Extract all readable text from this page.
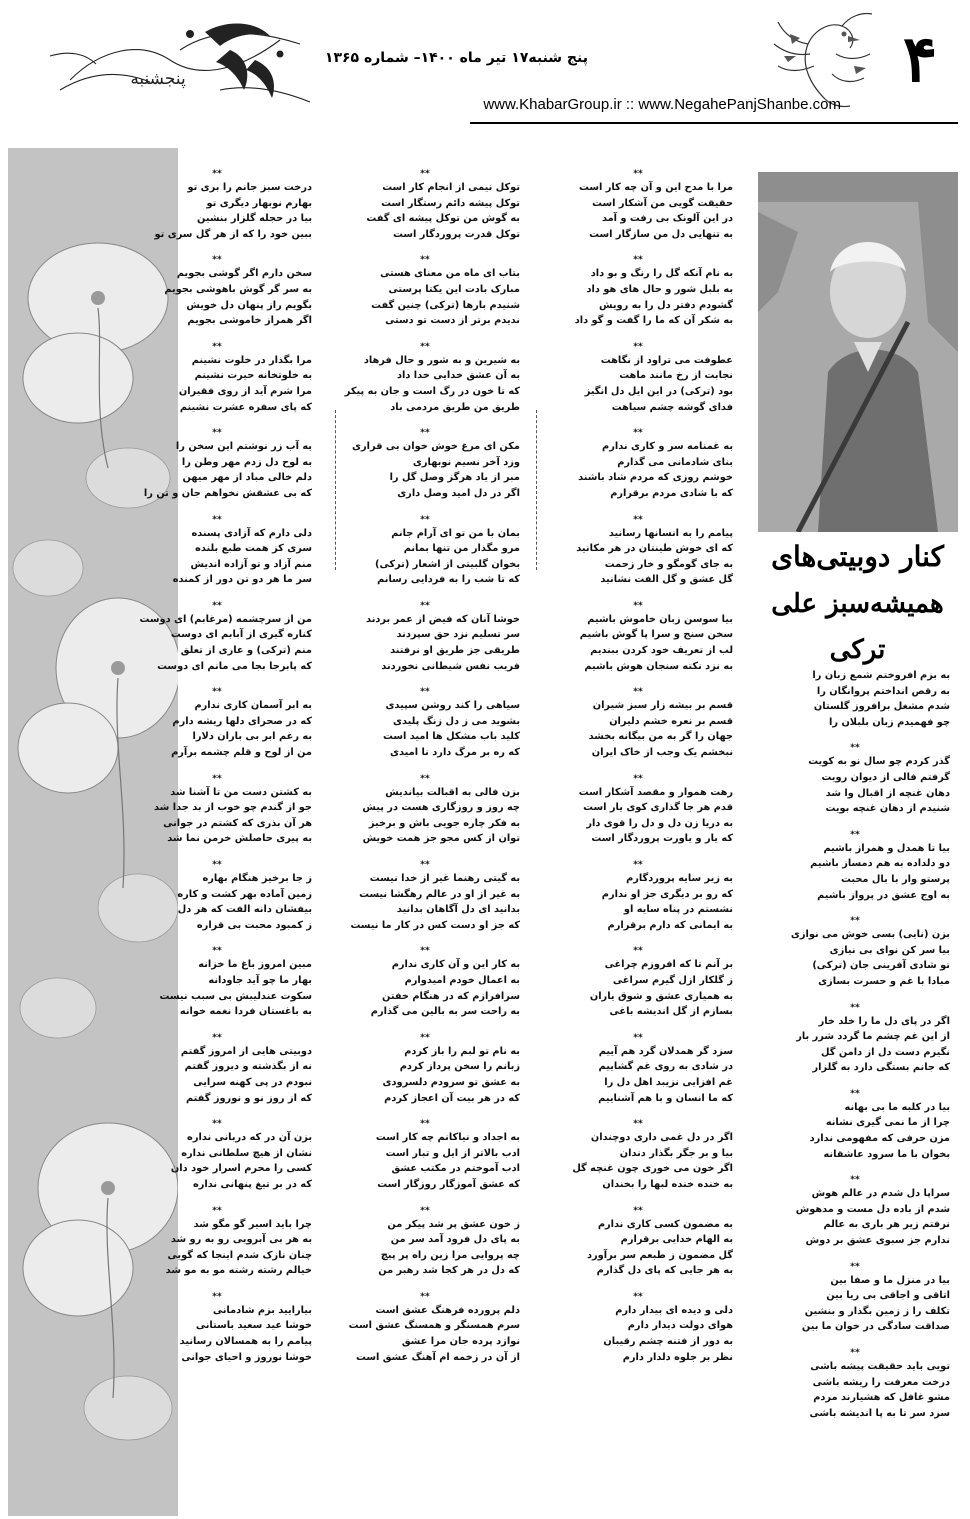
۴
پنج شنبه۱۷ تیر ماه ۱۴۰۰– شماره ۱۳۶۵
پنجشنبه
www.KhabarGroup.ir :: www.NegahePanjShanbe.com
کنار دوبیتی‌های
همیشه‌سبز علی ترکی
**
مرا با مدح این و آن چه کار است
حقیقت گویی من آشکار است
در این آلونک بی رفت و آمد
به تنهایی دل من سازگار است
**
به نام آنکه گل را رنگ و بو داد
به بلبل شور و حال های هو داد
گشودم دفتر دل را به رویش
به شکر آن که ما را گفت و گو داد
**
عطوفت می تراود از نگاهت
نجابت از رخ مانند ماهت
بود (ترکی) در این ایل دل انگیز
فدای گوشه چشم سیاهت
**
به غمنامه سر و کاری ندارم
بنای شادمانی می گذارم
خوشم روزی که مردم شاد باشند
که با شادی مردم برقرارم
**
پیامم را به انسانها رسانید
که ای خوش طینتان در هر مکانید
به جای گومگو و خار زحمت
گل عشق و گل الفت نشانید
**
بیا سوسن زبان خاموش باشیم
سخن سنج و سرا پا گوش باشیم
لب از تعریف خود کردن ببندیم
به نزد نکته سنجان هوش باشیم
**
قسم بر بیشه زار سبز شیران
قسم بر نعره خشم دلیران
جهان را گر به من بیگانه بخشد
نبخشم یک وجب از خاک ایران
**
رهت هموار و مقصد آشکار است
قدم هر جا گذاری کوی یار است
به دریا زن دل و دل را قوی دار
که یار و یاورت پروردگار است
**
به زیر سایه پروردگارم
که رو بر دیگری جز او ندارم
نشستم در پناه سایه او
به ایمانی که دارم برقرارم
**
بر آنم تا که افروزم چراغی
ز گلکار ازل گیرم سراغی
به همیاری عشق و شوق یاران
بسازم از گل اندیشه باغی
**
سزد گر همدلان گرد هم آییم
در شادی به روی غم گشاییم
غم افزایی نزیبد اهل دل را
که ما انسان و با هم آشناییم
**
اگر در دل غمی داری دوچندان
بیا و بر جگر بگذار دندان
اگر خون می خوری چون غنچه گل
به خنده خنده لبها را بخندان
**
به مضمون کسی کاری ندارم
به الهام خدایی برقرارم
گل مضمون ز طبعم سر برآورد
به هر جایی که پای دل گذارم
**
دلی و دیده ای بیدار دارم
هوای دولت دیدار دارم
به دور از فتنه چشم رقیبان
نظر بر جلوه دلدار دارم
**
توکل نیمی از انجام کار است
توکل پیشه دائم رستگار است
به گوش من توکل پیشه ای گفت
توکل قدرت پروردگار است
**
بتاب ای ماه من معنای هستی
مبارک بادت این یکتا پرستی
شنیدم بارها (ترکی) چنین گفت
ندیدم برتر از دست تو دستی
**
به شیرین و به شور و حال فرهاد
به آن عشق خدایی خدا داد
که تا خون در رگ است و جان به پیکر
طریق من طریق مردمی باد
**
مکن ای مرغ خوش خوان بی قراری
وزد آخر نسیم نوبهاری
مبر از یاد هرگز وصل گل را
اگر در دل امید وصل داری
**
بمان با من تو ای آرام جانم
مرو مگذار من تنها بمانم
بخوان گلبیتی از اشعار (ترکی)
که تا شب را به فردایی رسانم
**
خوشا آنان که فیض از عمر بردند
سر تسلیم نزد حق سپردند
طریقی جز طریق او نرفتند
فریب نفس شیطانی نخوردند
**
سیاهی را کند روشن سپیدی
بشوید می ز دل زنگ پلیدی
کلید باب مشکل ها امید است
که ره بر مرگ دارد نا امیدی
**
بزن فالی به اقبالت بیاندیش
چه روز و روزگاری هست در پیش
به فکر چاره جویی باش و برخیز
توان از کس مجو جز همت خویش
**
به گیتی رهنما غیر از خدا نیست
به غیر از او در عالم رهگشا نیست
بدانید ای دل آگاهان بدانید
که جز او دست کس در کار ما نیست
**
به کار این و آن کاری ندارم
به اعمال خودم امیدوارم
سرافرازم که در هنگام خفتن
به راحت سر به بالین می گذارم
**
به نام تو لبم را باز کردم
زبانم را سخن پرداز کردم
به عشق تو سرودم دلسرودی
که در هر بیت آن اعجاز کردم
**
به اجداد و نیاکانم چه کار است
ادب بالاتر از ایل و تبار است
ادب آموختم در مکتب عشق
که عشق آموزگار روزگار است
**
ز خون عشق پر شد پیکر من
به پای دل فرود آمد سر من
چه پروایی مرا زین راه پر پیچ
که دل در هر کجا شد رهبر من
**
دلم پرورده فرهنگ عشق است
سرم همسنگر و همسنگ عشق است
نوازد پرده جان مرا عشق
از آن در زخمه ام آهنگ عشق است
**
درخت سبز جانم را بری تو
بهارم نوبهار دیگری تو
بیا در حجله گلزار بنشین
ببین خود را که از هر گل سری تو
**
سخن دارم اگر گوشی بجویم
به سر گر گوش باهوشی بجویم
بگویم راز پنهان دل خویش
اگر همراز خاموشی بجویم
**
مرا بگذار در خلوت نشینم
به خلوتخانه حیرت نشینم
مرا شرم آید از روی فقیران
که پای سفره عشرت نشینم
**
به آب زر نوشتم این سخن را
به لوح دل زدم مهر وطن را
دلم خالی مباد از مهر میهن
که بی عشقش نخواهم جان و تن را
**
دلی دارم که آزادی پسنده
سری کز همت طبع بلنده
منم آزاد و تو آزاده اندیش
سر ما هر دو تن دور از کمنده
**
من از سرچشمه (مرغابم) ای دوست
کناره گیری از آبابم ای دوست
منم (ترکی) و عاری از تعلق
که پابرجا بجا می مانم ای دوست
**
به ابر آسمان کاری ندارم
که در صحرای دلها ریشه دارم
به رغم ابر بی باران دلارا
من از لوح و قلم چشمه برآرم
**
به کشتن دست من تا آشنا شد
جو از گندم چو خوب از بد جدا شد
هر آن بذری که کشتم در جوانی
به پیری حاصلش خرمن نما شد
**
ز جا برخیز هنگام بهاره
زمین آماده بهر کشت و کاره
بیفشان دانه الفت که هر دل
ز کمبود محبت بی قراره
**
مبین امروز باغ ما خزانه
بهار ما چو آید جاودانه
سکوت عندلیبش بی سبب نیست
به باغستان فردا نغمه خوانه
**
دوبیتی هایی از امروز گفتم
نه از بگذشته و دیروز گفتم
نبودم در پی کهنه سرایی
که از روز نو و نوروز گفتم
**
بزن آن در که دربانی نداره
نشان از هیچ سلطانی نداره
کسی را محرم اسرار خود دان
که در بر تیغ پنهانی نداره
**
چرا باید اسیر گو مگو شد
به هر بی آبرویی رو به رو شد
چنان نازک شدم اینجا که گویی
خیالم رشته رشته مو به مو شد
**
بیارایید بزم شادمانی
خوشا عید سعید باستانی
پیامم را به همسالان رسانید
خوشا نوروز و احیای جوانی
به بزم افروختم شمع زبان را
به رقص انداختم پروانگان را
شدم مشغل برافروز گلستان
چو فهمیدم زبان بلبلان را
**
گذر کردم چو سال نو به کویت
گرفتم فالی از دیوان رویت
دهان غنچه از اقبال وا شد
شنیدم از دهان غنچه بویت
**
بیا تا همدل و همراز باشیم
دو دلداده به هم دمساز باشیم
پرستو وار با بال محبت
به اوج عشق در پرواز باشیم
**
بزن (نایی) بسی خوش می نوازی
بیا سر کن نوای بی نیازی
تو شادی آفرینی جان (ترکی)
مبادا با غم و حسرت بسازی
**
اگر در پای دل ما را خلد خار
از این غم چشم ما گردد شرر بار
نگیرم دست دل از دامن گل
که جانم بستگی دارد به گلزار
**
بیا در کلبه ما بی بهانه
چرا از ما نمی گیری نشانه
مزن حرفی که مفهومی ندارد
بخوان با ما سرود عاشقانه
**
سراپا دل شدم در عالم هوش
شدم از باده دل مست و مدهوش
نرفتم زیر هر باری به عالم
ندارم جز سبوی عشق بر دوش
**
بیا در منزل ما و صفا بین
اتاقی و اجاقی بی ریا بین
تکلف را ز زمین بگذار و بنشین
صداقت سادگی در خوان ما بین
**
تویی باید حقیقت پیشه باشی
درخت معرفت را ریشه باشی
مشو غافل که هشیارند مردم
سزد سر تا به پا اندیشه باشی
